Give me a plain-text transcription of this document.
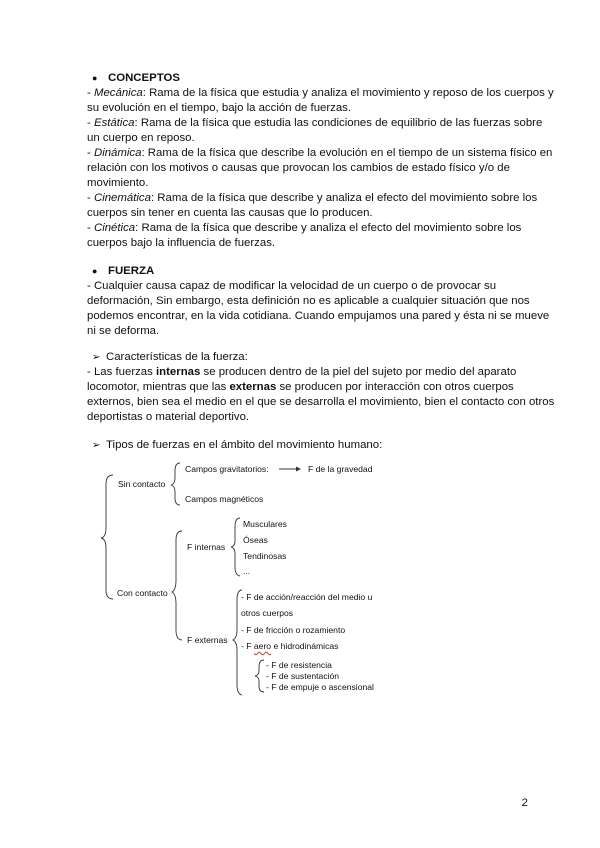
● CONCEPTOS
- Mecánica: Rama de la física que estudia y analiza el movimiento y reposo de los cuerpos y
su evolución en el tiempo, bajo la acción de fuerzas.
- Estática: Rama de la física que estudia las condiciones de equilibrio de las fuerzas sobre
un cuerpo en reposo.
- Dinámica: Rama de la física que describe la evolución en el tiempo de un sistema físico en
relación con los motivos o causas que provocan los cambios de estado físico y/o de
movimiento.
- Cinemática: Rama de la física que describe y analiza el efecto del movimiento sobre los
cuerpos sin tener en cuenta las causas que lo producen.
- Cinética: Rama de la física que describe y analiza el efecto del movimiento sobre los
cuerpos bajo la influencia de fuerzas.
● FUERZA
- Cualquier causa capaz de modificar la velocidad de un cuerpo o de provocar su
deformación, Sin embargo, esta definición no es aplicable a cualquier situación que nos
podemos encontrar, en la vida cotidiana. Cuando empujamos una pared y ésta ni se mueve
ni se deforma.
➢ Características de la fuerza:
- Las fuerzas internas se producen dentro de la piel del sujeto por medio del aparato
locomotor, mientras que las externas se producen por interacción con otros cuerpos
externos, bien sea el medio en el que se desarrolla el movimiento, bien el contacto con otros
deportistas o material deportivo.
➢ Tipos de fuerzas en el ámbito del movimiento humano:
Sin contacto
Campos gravitatorios:	F de la gravedad
Campos magnéticos
Con contacto
F internas
Musculares
Óseas
Tendinosas
...
F externas
- F de acción/reacción del medio u
otros cuerpos
- F de fricción o rozamiento
- F aero e hidrodinámicas
- F de resistencia
- F de sustentación
- F de empuje o ascensional
2
